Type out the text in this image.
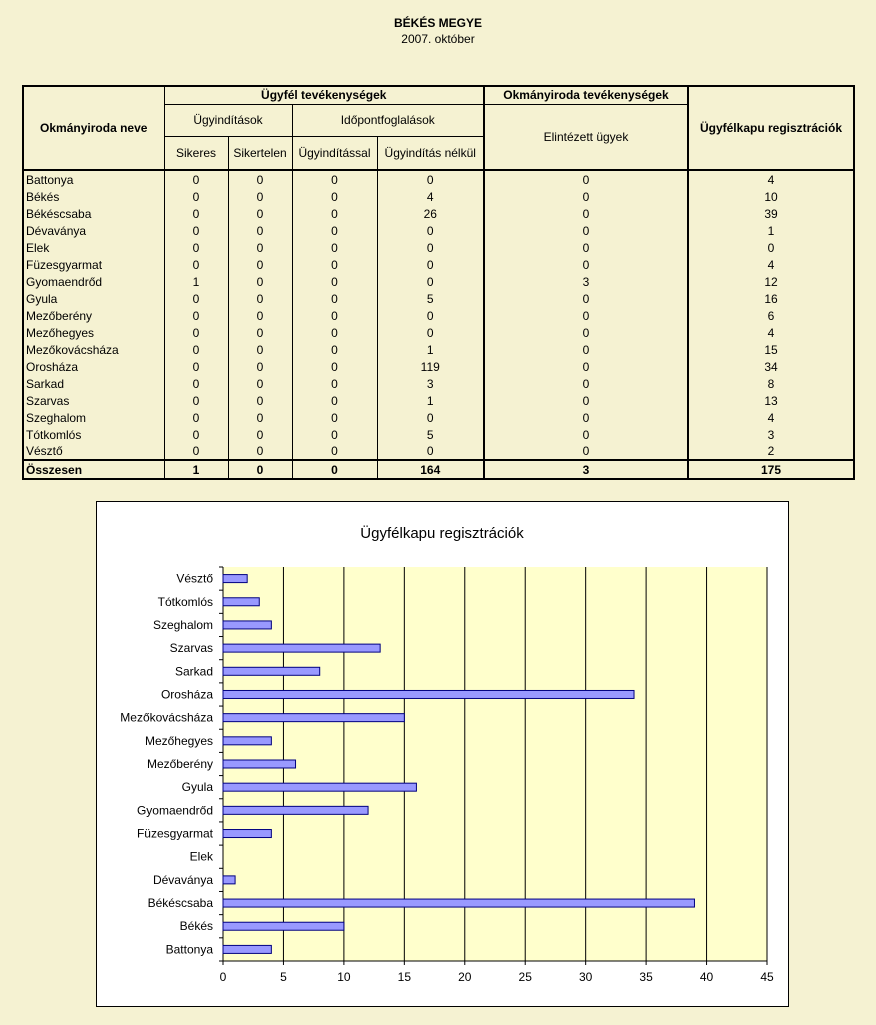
BÉKÉS MEGYE
2007. október
Okmányiroda neve	Ügyfél tevékenységek				Okmányiroda tevékenységek	Ügyfélkapu regisztrációk
	Ügyindítások		Időpontfoglalások		Elintézett ügyek	
	Sikeres	Sikertelen	Ügyindítással	Ügyindítás nélkül		
Battonya	0	0	0	0	0	4
Békés	0	0	0	4	0	10
Békéscsaba	0	0	0	26	0	39
Dévaványa	0	0	0	0	0	1
Elek	0	0	0	0	0	0
Füzesgyarmat	0	0	0	0	0	4
Gyomaendrőd	1	0	0	0	3	12
Gyula	0	0	0	5	0	16
Mezőberény	0	0	0	0	0	6
Mezőhegyes	0	0	0	0	0	4
Mezőkovácsháza	0	0	0	1	0	15
Orosháza	0	0	0	119	0	34
Sarkad	0	0	0	3	0	8
Szarvas	0	0	0	1	0	13
Szeghalom	0	0	0	0	0	4
Tótkomlós	0	0	0	5	0	3
Vésztő	0	0	0	0	0	2
Összesen	1	0	0	164	3	175
Ügyfélkapu regisztrációk
0	5	10	15	20	25	30	35	40	45
Battonya
Békés
Békéscsaba
Dévaványa
Elek
Füzesgyarmat
Gyomaendrőd
Gyula
Mezőberény
Mezőhegyes
Mezőkovácsháza
Orosháza
Sarkad
Szarvas
Szeghalom
Tótkomlós
Vésztő
